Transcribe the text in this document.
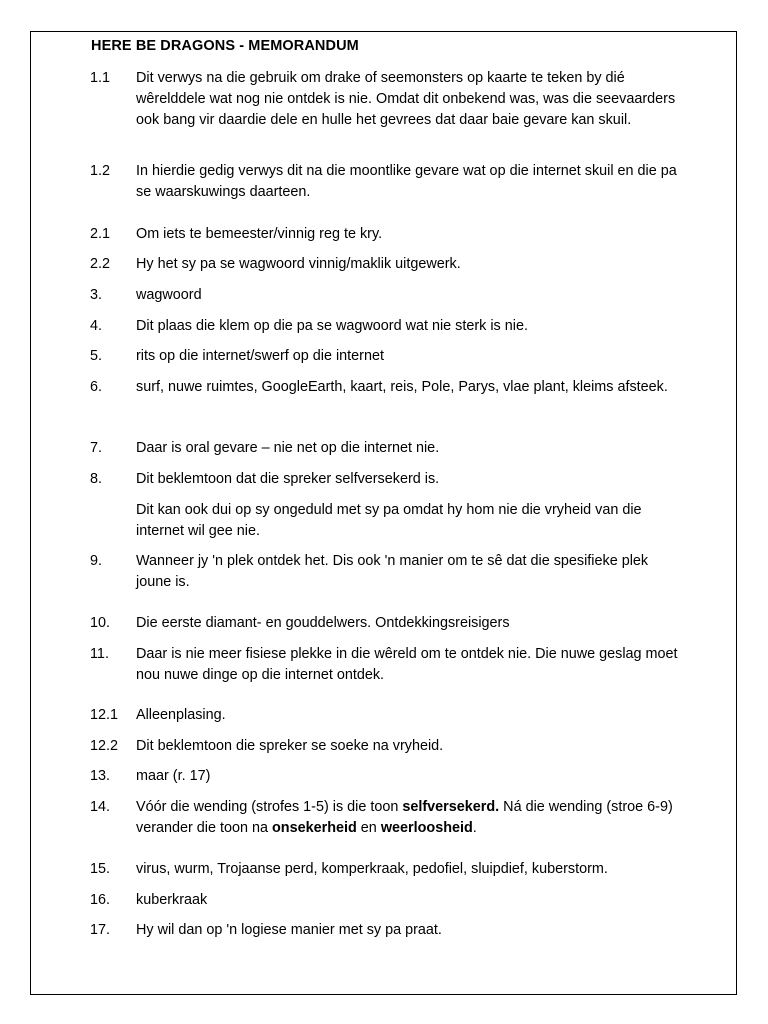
HERE BE DRAGONS - MEMORANDUM
1.1	Dit verwys na die gebruik om drake of seemonsters op kaarte te teken by dié wêrelddele wat nog nie ontdek is nie. Omdat dit onbekend was, was die seevaarders ook bang vir daardie dele en hulle het gevrees dat daar baie gevare kan skuil.
1.2	In hierdie gedig verwys dit na die moontlike gevare wat op die internet skuil en die pa se waarskuwings daarteen.
2.1	Om iets te bemeester/vinnig reg te kry.
2.2	Hy het sy pa se wagwoord vinnig/maklik uitgewerk.
3.	wagwoord
4.	Dit plaas die klem op die pa se wagwoord wat nie sterk is nie.
5.	rits op die internet/swerf op die internet
6.	surf, nuwe ruimtes, GoogleEarth, kaart, reis, Pole, Parys, vlae plant, kleims afsteek.
7.	Daar is oral gevare – nie net op die internet nie.
8.	Dit beklemtoon dat die spreker selfversekerd is.
Dit kan ook dui op sy ongeduld met sy pa omdat hy hom nie die vryheid van die internet wil gee nie.
9.	Wanneer jy 'n plek ontdek het. Dis ook 'n manier om te sê dat die spesifieke plek joune is.
10.	Die eerste diamant- en gouddelwers. Ontdekkingsreisigers
11.	Daar is nie meer fisiese plekke in die wêreld om te ontdek nie. Die nuwe geslag moet nou nuwe dinge op die internet ontdek.
12.1	Alleenplasing.
12.2	Dit beklemtoon die spreker se soeke na vryheid.
13.	maar (r. 17)
14.	Vóór die wending (strofes 1-5) is die toon selfversekerd. Ná die wending (stroe 6-9) verander die toon na onsekerheid en weerloosheid.
15.	virus, wurm, Trojaanse perd, komperkraak, pedofiel, sluipdief, kuberstorm.
16.	kuberkraak
17.	Hy wil dan op 'n logiese manier met sy pa praat.
